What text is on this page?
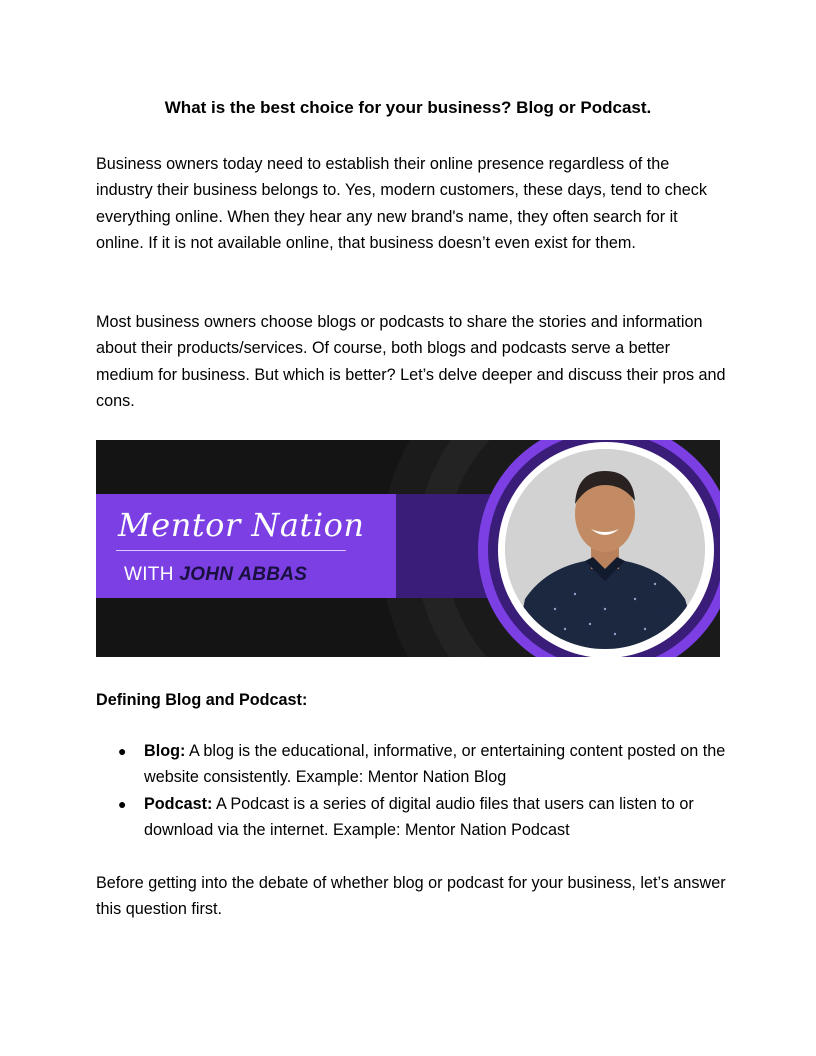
What is the best choice for your business? Blog or Podcast.

Business owners today need to establish their online presence regardless of the industry their business belongs to. Yes, modern customers, these days, tend to check everything online. When they hear any new brand's name, they often search for it online. If it is not available online, that business doesn’t even exist for them.

Most business owners choose blogs or podcasts to share the stories and information about their products/services. Of course, both blogs and podcasts serve a better medium for business. But which is better? Let’s delve deeper and discuss their pros and cons.

Mentor Nation
WITH JOHN ABBAS
Defining Blog and Podcast:
● Blog: A blog is the educational, informative, or entertaining content posted on the website consistently. Example: Mentor Nation Blog
● Podcast: A Podcast is a series of digital audio files that users can listen to or download via the internet. Example: Mentor Nation Podcast

Before getting into the debate of whether blog or podcast for your business, let’s answer this question first.
